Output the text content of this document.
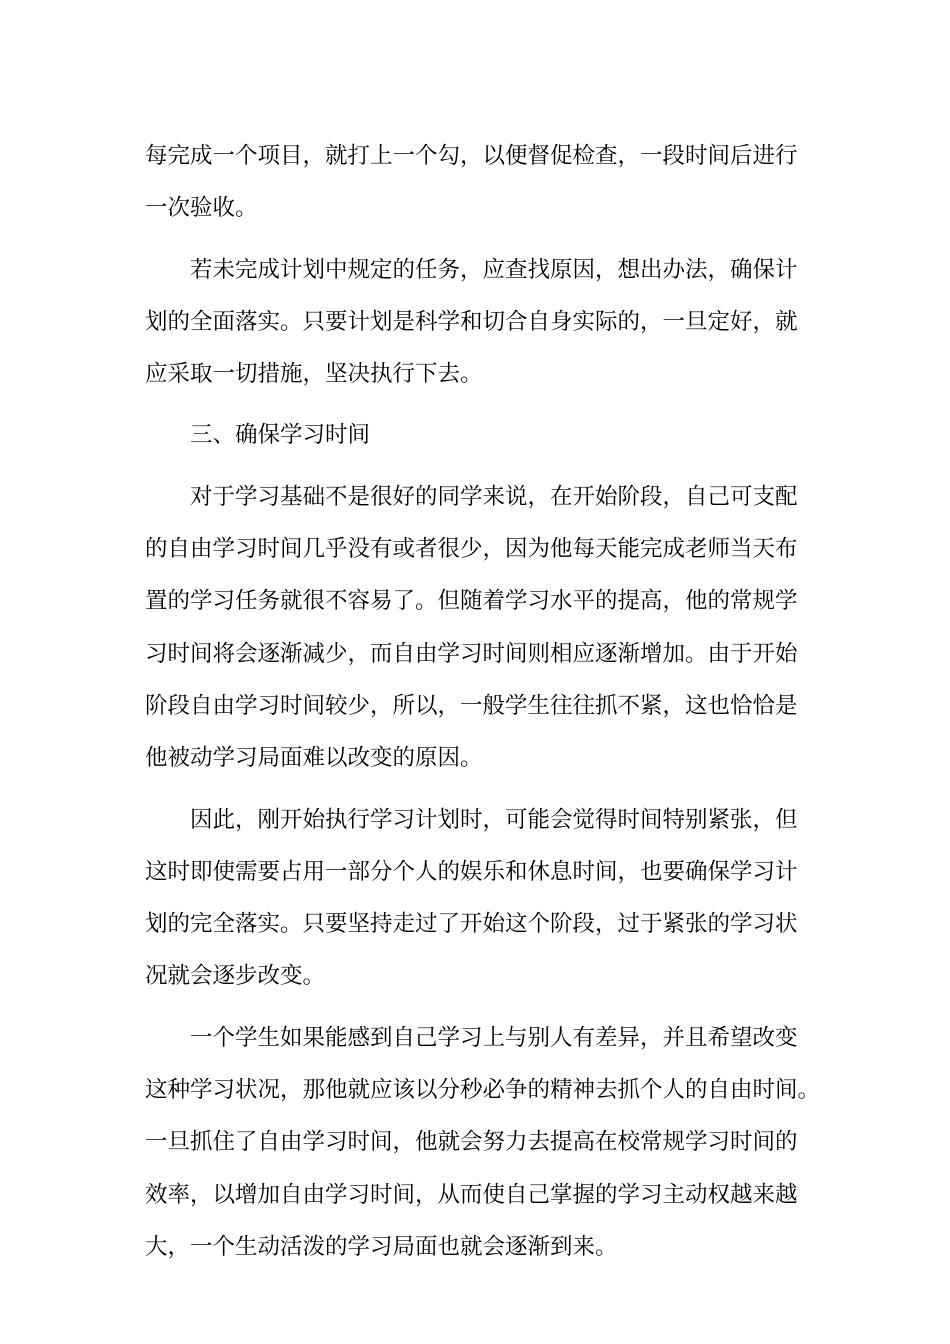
每完成一个项目，就打上一个勾，以便督促检查，一段时间后进行
一次验收。

若未完成计划中规定的任务，应查找原因，想出办法，确保计
划的全面落实。只要计划是科学和切合自身实际的，一旦定好，就
应采取一切措施，坚决执行下去。

三、确保学习时间

对于学习基础不是很好的同学来说，在开始阶段，自己可支配
的自由学习时间几乎没有或者很少，因为他每天能完成老师当天布
置的学习任务就很不容易了。但随着学习水平的提高，他的常规学
习时间将会逐渐减少，而自由学习时间则相应逐渐增加。由于开始
阶段自由学习时间较少，所以，一般学生往往抓不紧，这也恰恰是
他被动学习局面难以改变的原因。

因此，刚开始执行学习计划时，可能会觉得时间特别紧张，但
这时即使需要占用一部分个人的娱乐和休息时间，也要确保学习计
划的完全落实。只要坚持走过了开始这个阶段，过于紧张的学习状
况就会逐步改变。

一个学生如果能感到自己学习上与别人有差异，并且希望改变
这种学习状况，那他就应该以分秒必争的精神去抓个人的自由时间。
一旦抓住了自由学习时间，他就会努力去提高在校常规学习时间的
效率，以增加自由学习时间，从而使自己掌握的学习主动权越来越
大，一个生动活泼的学习局面也就会逐渐到来。
